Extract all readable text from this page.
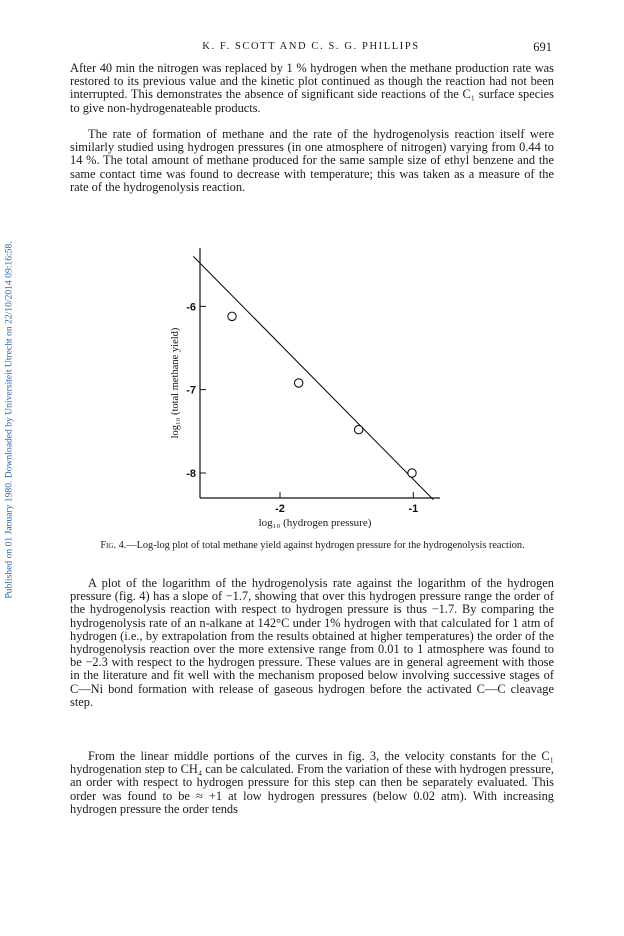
Published on 01 January 1980. Downloaded by Universiteit Utrecht on 22/10/2014 09:16:58.
K. F. SCOTT AND C. S. G. PHILLIPS	691

After 40 min the nitrogen was replaced by 1 % hydrogen when the methane production rate was restored to its previous value and the kinetic plot continued as though the reaction had not been interrupted. This demonstrates the absence of significant side reactions of the C₁ surface species to give non-hydrogenateable products.

The rate of formation of methane and the rate of the hydrogenolysis reaction itself were similarly studied using hydrogen pressures (in one atmosphere of nitrogen) varying from 0.44 to 14 %. The total amount of methane produced for the same sample size of ethyl benzene and the same contact time was found to decrease with temperature; this was taken as a measure of the rate of the hydrogenolysis reaction.

-6
-7
-8
-2	-1
log₁₀ (total methane yield)
log₁₀ (hydrogen pressure)
Fig. 4.—Log-log plot of total methane yield against hydrogen pressure for the hydrogenolysis reaction.

A plot of the logarithm of the hydrogenolysis rate against the logarithm of the hydrogen pressure (fig. 4) has a slope of −1.7, showing that over this hydrogen pressure range the order of the hydrogenolysis reaction with respect to hydrogen pressure is thus −1.7. By comparing the hydrogenolysis rate of an n-alkane at 142°C under 1% hydrogen with that calculated for 1 atm of hydrogen (i.e., by extrapolation from the results obtained at higher temperatures) the order of the hydrogenolysis reaction over the more extensive range from 0.01 to 1 atmosphere was found to be −2.3 with respect to the hydrogen pressure. These values are in general agreement with those in the literature and fit well with the mechanism proposed below involving successive stages of C—Ni bond formation with release of gaseous hydrogen before the activated C—C cleavage step.

From the linear middle portions of the curves in fig. 3, the velocity constants for the C₁ hydrogenation step to CH₄ can be calculated. From the variation of these with hydrogen pressure, an order with respect to hydrogen pressure for this step can then be separately evaluated. This order was found to be ≈ +1 at low hydrogen pressures (below 0.02 atm). With increasing hydrogen pressure the order tends
